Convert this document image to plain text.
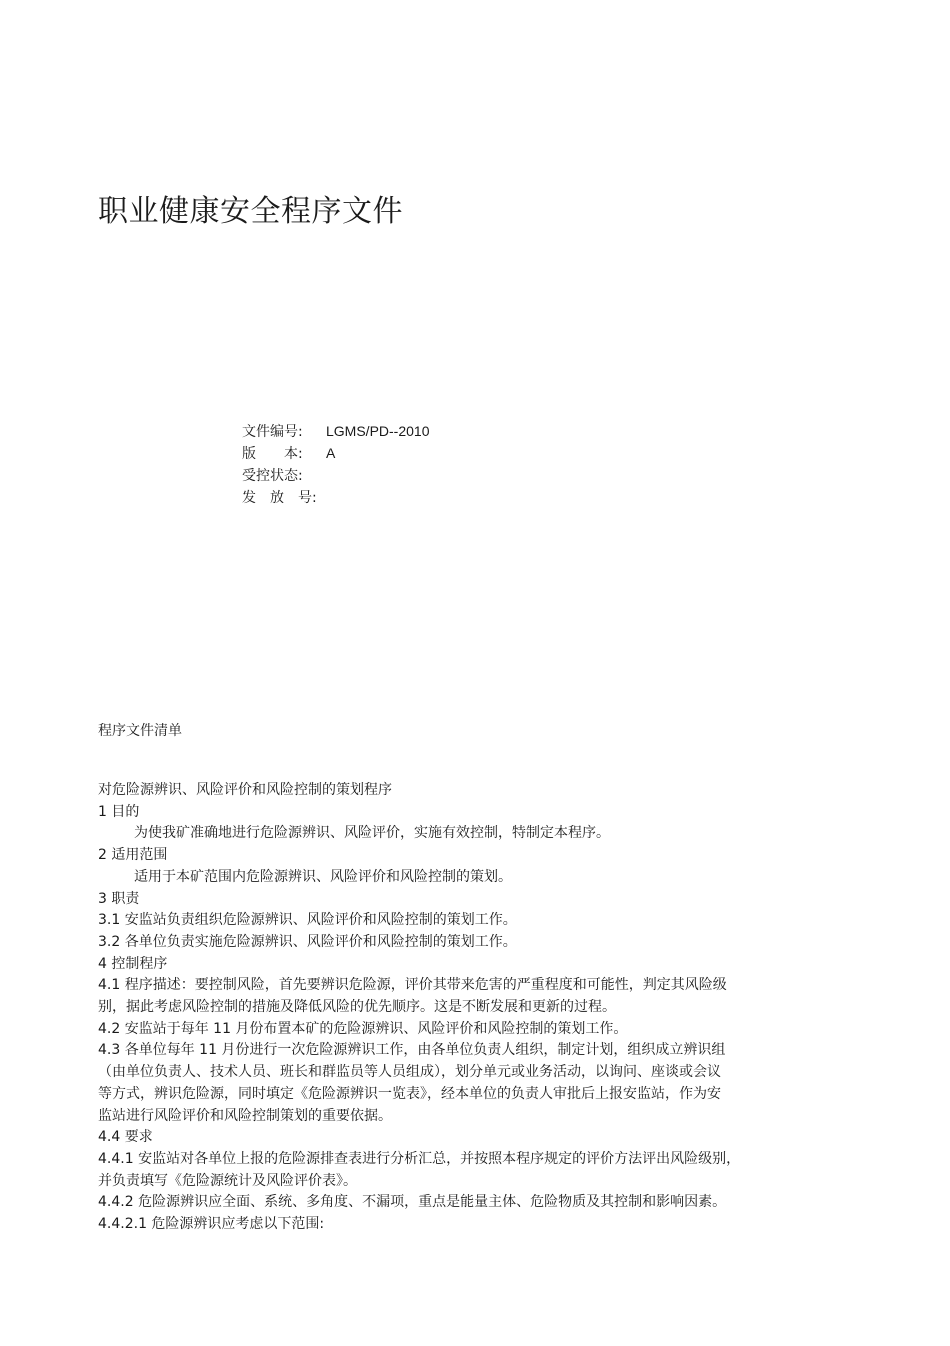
职业健康安全程序文件
文件编号: LGMS/PD--2010
版　　本: A
受控状态:
发　放　号:
程序文件清单

对危险源辨识、风险评价和风险控制的策划程序

1 目的

为使我矿准确地进行危险源辨识、风险评价，实施有效控制，特制定本程序。

2 适用范围

适用于本矿范围内危险源辨识、风险评价和风险控制的策划。

3 职责

3.1 安监站负责组织危险源辨识、风险评价和风险控制的策划工作。

3.2 各单位负责实施危险源辨识、风险评价和风险控制的策划工作。

4 控制程序

4.1 程序描述：要控制风险，首先要辨识危险源，评价其带来危害的严重程度和可能性，判定其风险级

别，据此考虑风险控制的措施及降低风险的优先顺序。这是不断发展和更新的过程。

4.2 安监站于每年 11 月份布置本矿的危险源辨识、风险评价和风险控制的策划工作。

4.3 各单位每年 11 月份进行一次危险源辨识工作，由各单位负责人组织，制定计划，组织成立辨识组

（由单位负责人、技术人员、班长和群监员等人员组成），划分单元或业务活动，以询问、座谈或会议

等方式，辨识危险源，同时填定《危险源辨识一览表》，经本单位的负责人审批后上报安监站，作为安

监站进行风险评价和风险控制策划的重要依据。

4.4 要求

4.4.1 安监站对各单位上报的危险源排查表进行分析汇总，并按照本程序规定的评价方法评出风险级别，

并负责填写《危险源统计及风险评价表》。

4.4.2 危险源辨识应全面、系统、多角度、不漏项，重点是能量主体、危险物质及其控制和影响因素。

4.4.2.1 危险源辨识应考虑以下范围:
